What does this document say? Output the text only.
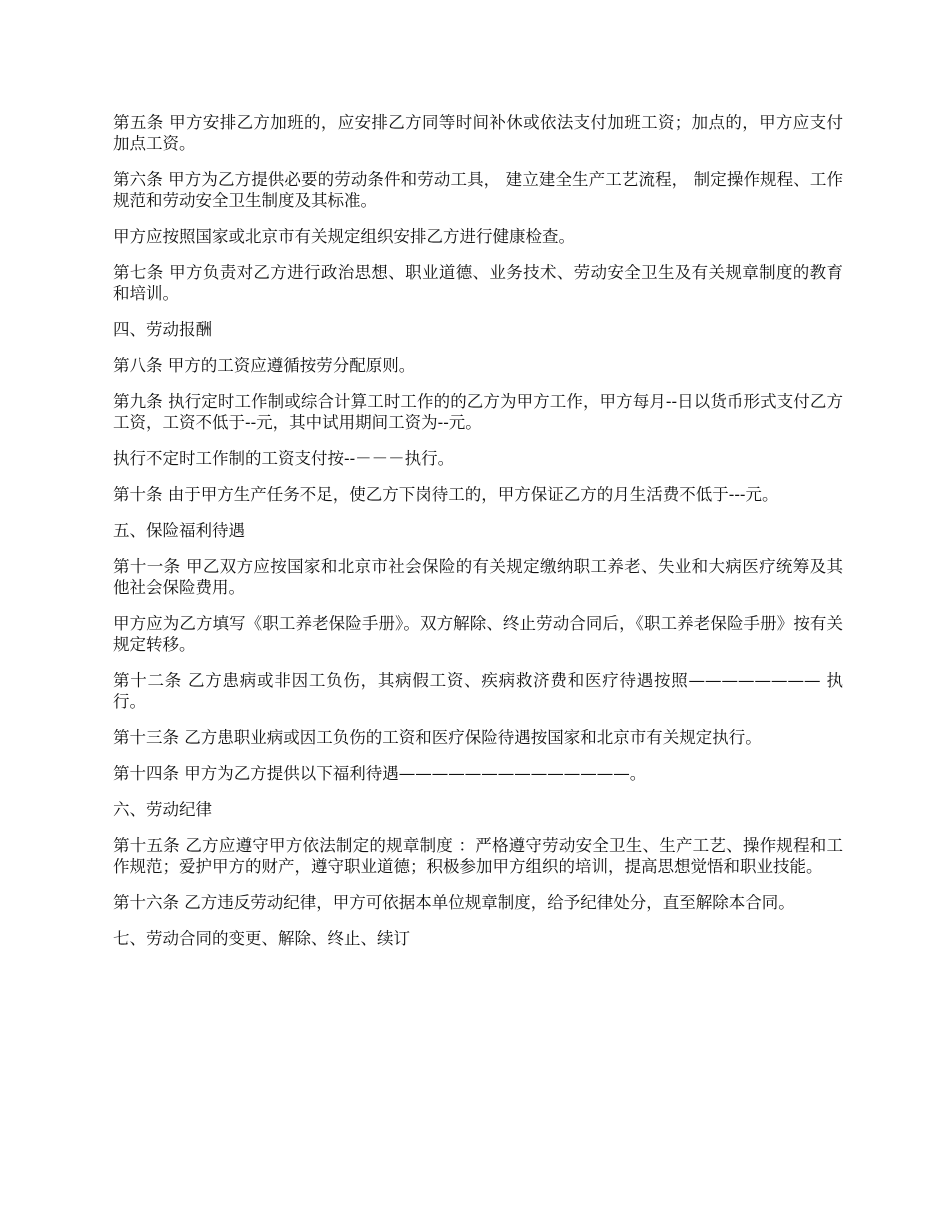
第五条 甲方安排乙方加班的，应安排乙方同等时间补休或依法支付加班工资；加点的，甲方应支付加点工资。

第六条 甲方为乙方提供必要的劳动条件和劳动工具， 建立建全生产工艺流程， 制定操作规程、工作规范和劳动安全卫生制度及其标准。

甲方应按照国家或北京市有关规定组织安排乙方进行健康检查。

第七条 甲方负责对乙方进行政治思想、职业道德、业务技术、劳动安全卫生及有关规章制度的教育和培训。

四、劳动报酬

第八条 甲方的工资应遵循按劳分配原则。

第九条 执行定时工作制或综合计算工时工作的的乙方为甲方工作，甲方每月--日以货币形式支付乙方工资，工资不低于--元，其中试用期间工资为--元。

执行不定时工作制的工资支付按--－－－执行。

第十条 由于甲方生产任务不足，使乙方下岗待工的，甲方保证乙方的月生活费不低于---元。

五、保险福利待遇

第十一条 甲乙双方应按国家和北京市社会保险的有关规定缴纳职工养老、失业和大病医疗统筹及其他社会保险费用。

甲方应为乙方填写《职工养老保险手册》。双方解除、终止劳动合同后，《职工养老保险手册》按有关规定转移。

第十二条 乙方患病或非因工负伤，其病假工资、疾病救济费和医疗待遇按照———————— 执行。

第十三条 乙方患职业病或因工负伤的工资和医疗保险待遇按国家和北京市有关规定执行。

第十四条 甲方为乙方提供以下福利待遇——————————————。

六、劳动纪律

第十五条 乙方应遵守甲方依法制定的规章制度 ：严格遵守劳动安全卫生、生产工艺、操作规程和工作规范；爱护甲方的财产，遵守职业道德；积极参加甲方组织的培训，提高思想觉悟和职业技能。

第十六条 乙方违反劳动纪律，甲方可依据本单位规章制度，给予纪律处分，直至解除本合同。

七、劳动合同的变更、解除、终止、续订
